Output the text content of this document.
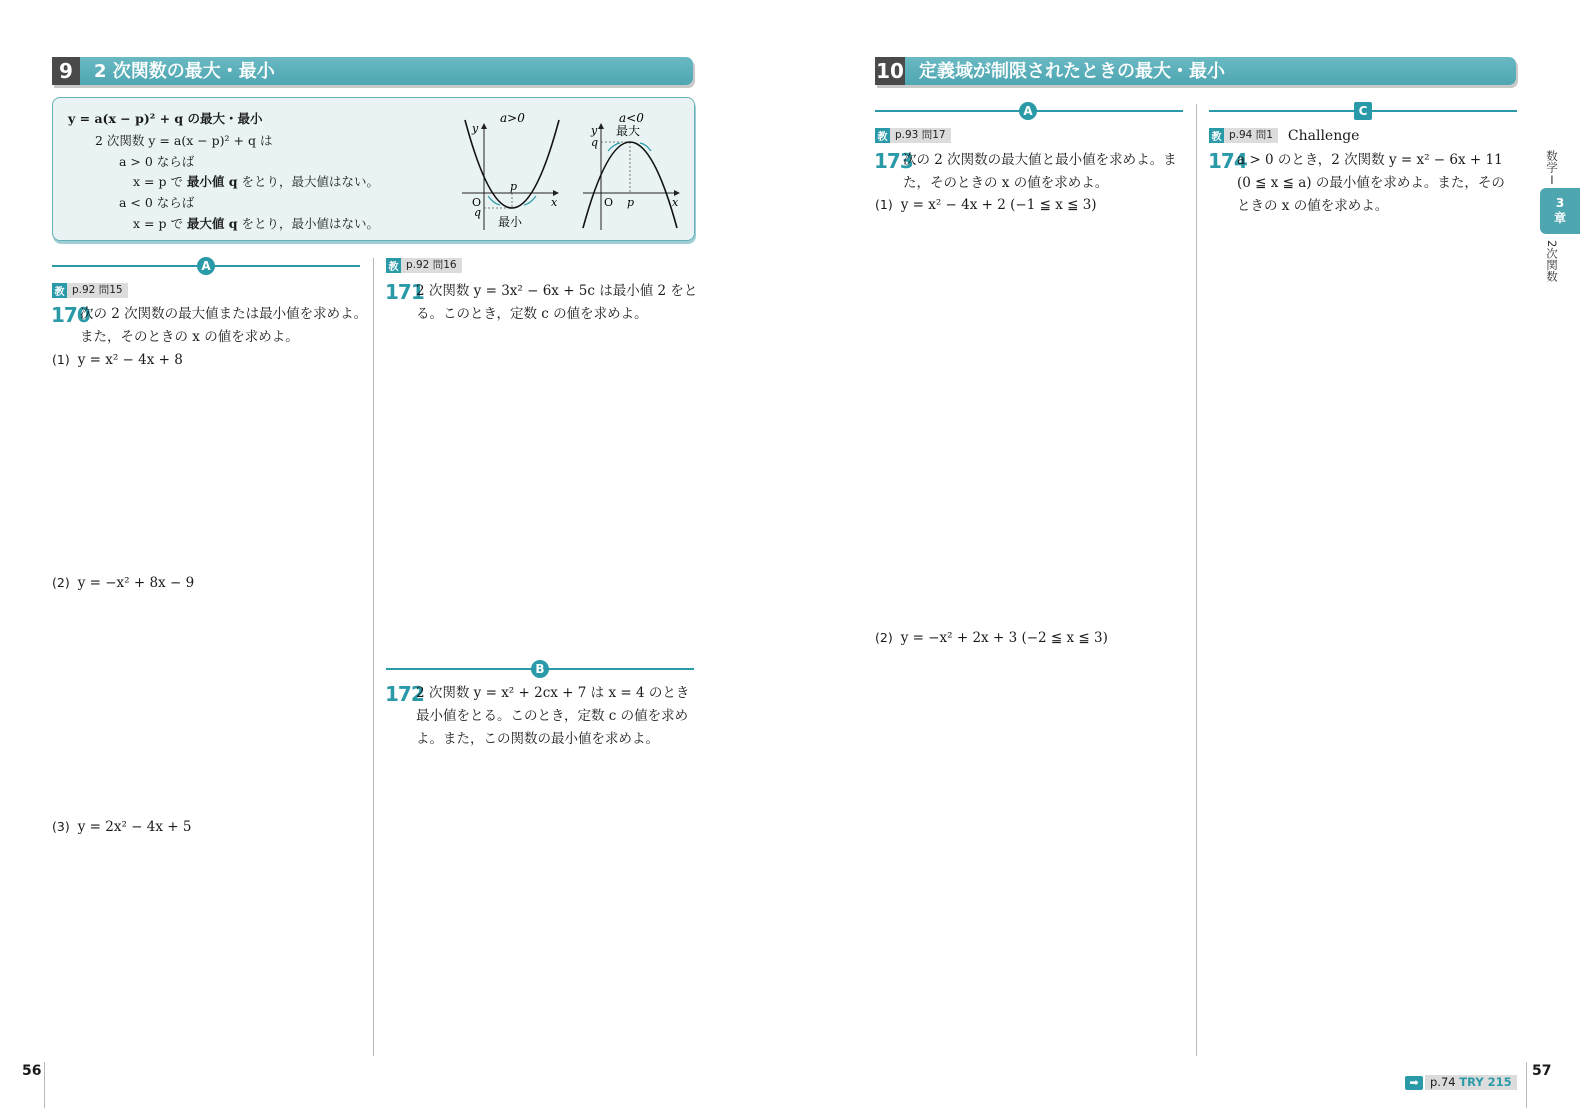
9	2 次関数の最大・最小
y = a(x − p)² + q の最大・最小
2 次関数 y = a(x − p)² + q は
a > 0 ならば
x = p で 最小値 q をとり，最大値はない。
a < 0 ならば
x = p で 最大値 q をとり，最小値はない。
a>0
y
x
O
p
q
最小
a<0
y
x
O p
q
最大
A
教 p.92 問15
170
次の 2 次関数の最大値または最小値を求めよ。
また，そのときの x の値を求めよ。
(1) y = x² − 4x + 8
(2) y = −x² + 8x − 9
(3) y = 2x² − 4x + 5
教 p.92 問16
171
2 次関数 y = 3x² − 6x + 5c は最小値 2 をと
る。このとき，定数 c の値を求めよ。
B
172
2 次関数 y = x² + 2cx + 7 は x = 4 のとき
最小値をとる。このとき，定数 c の値を求め
よ。また，この関数の最小値を求めよ。
56
10 定義域が制限されたときの最大・最小
A
教 p.93 問17
173
次の 2 次関数の最大値と最小値を求めよ。ま
た，そのときの x の値を求めよ。
(1) y = x² − 4x + 2 (−1 ≦ x ≦ 3)
(2) y = −x² + 2x + 3 (−2 ≦ x ≦ 3)
C
教 p.94 問1	Challenge
174
a > 0 のとき，2 次関数 y = x² − 6x + 11
(0 ≦ x ≦ a) の最小値を求めよ。また，その
ときの x の値を求めよ。
数学Ⅰ
3
章
2次関数
➡ p.74 TRY 215
57
